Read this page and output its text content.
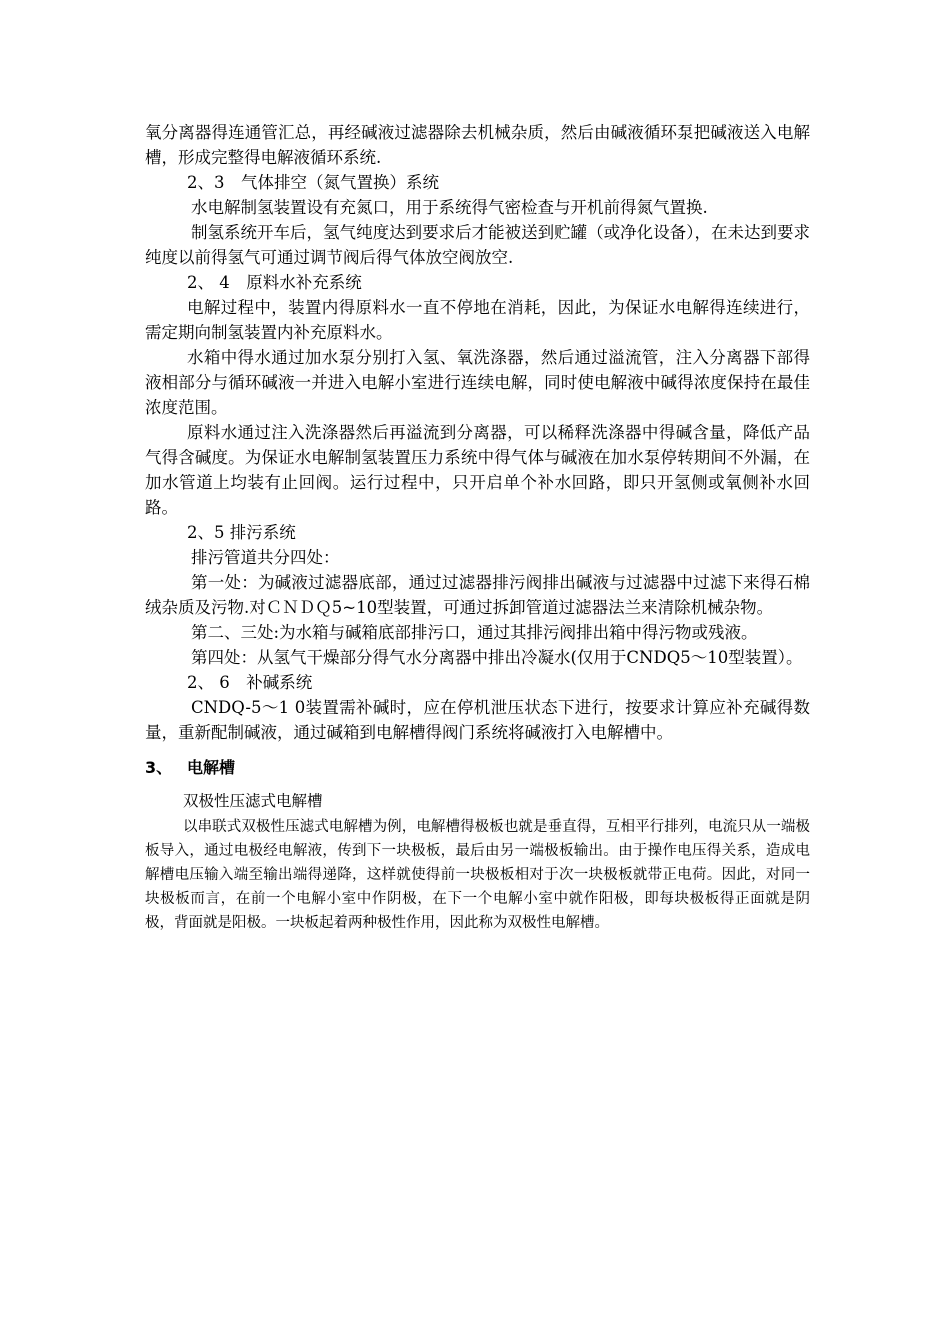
氧分离器得连通管汇总，再经碱液过滤器除去机械杂质，然后由碱液循环泵把碱液送入电解槽，形成完整得电解液循环系统.

2、3　气体排空（氮气置换）系统

水电解制氢装置设有充氮口，用于系统得气密检查与开机前得氮气置换.

制氢系统开车后，氢气纯度达到要求后才能被送到贮罐（或净化设备），在未达到要求纯度以前得氢气可通过调节阀后得气体放空阀放空.

2、 4　原料水补充系统

电解过程中，装置内得原料水一直不停地在消耗，因此，为保证水电解得连续进行，需定期向制氢装置内补充原料水。

水箱中得水通过加水泵分别打入氢、氧洗涤器，然后通过溢流管，注入分离器下部得液相部分与循环碱液一并进入电解小室进行连续电解，同时使电解液中碱得浓度保持在最佳浓度范围。

原料水通过注入洗涤器然后再溢流到分离器，可以稀释洗涤器中得碱含量，降低产品气得含碱度。为保证水电解制氢装置压力系统中得气体与碱液在加水泵停转期间不外漏，在加水管道上均装有止回阀。运行过程中，只开启单个补水回路，即只开氢侧或氧侧补水回路。

2、5 排污系统

排污管道共分四处：

第一处：为碱液过滤器底部，通过过滤器排污阀排出碱液与过滤器中过滤下来得石棉绒杂质及污物.对ＣＮＤＱ5~10型装置，可通过拆卸管道过滤器法兰来清除机械杂物。

第二、三处:为水箱与碱箱底部排污口，通过其排污阀排出箱中得污物或残液。

第四处：从氢气干燥部分得气水分离器中排出冷凝水(仅用于CNDQ5～10型装置）。

2、 6　补碱系统

CNDQ-5～1 0装置需补碱时，应在停机泄压状态下进行，按要求计算应补充碱得数量，重新配制碱液，通过碱箱到电解槽得阀门系统将碱液打入电解槽中。

3、 电解槽

双极性压滤式电解槽

以串联式双极性压滤式电解槽为例，电解槽得极板也就是垂直得，互相平行排列，电流只从一端极板导入，通过电极经电解液，传到下一块极板，最后由另一端极板输出。由于操作电压得关系，造成电解槽电压输入端至输出端得递降，这样就使得前一块极板相对于次一块极板就带正电荷。因此，对同一块极板而言，在前一个电解小室中作阴极，在下一个电解小室中就作阳极，即每块极板得正面就是阴极，背面就是阳极。一块板起着两种极性作用，因此称为双极性电解槽。
